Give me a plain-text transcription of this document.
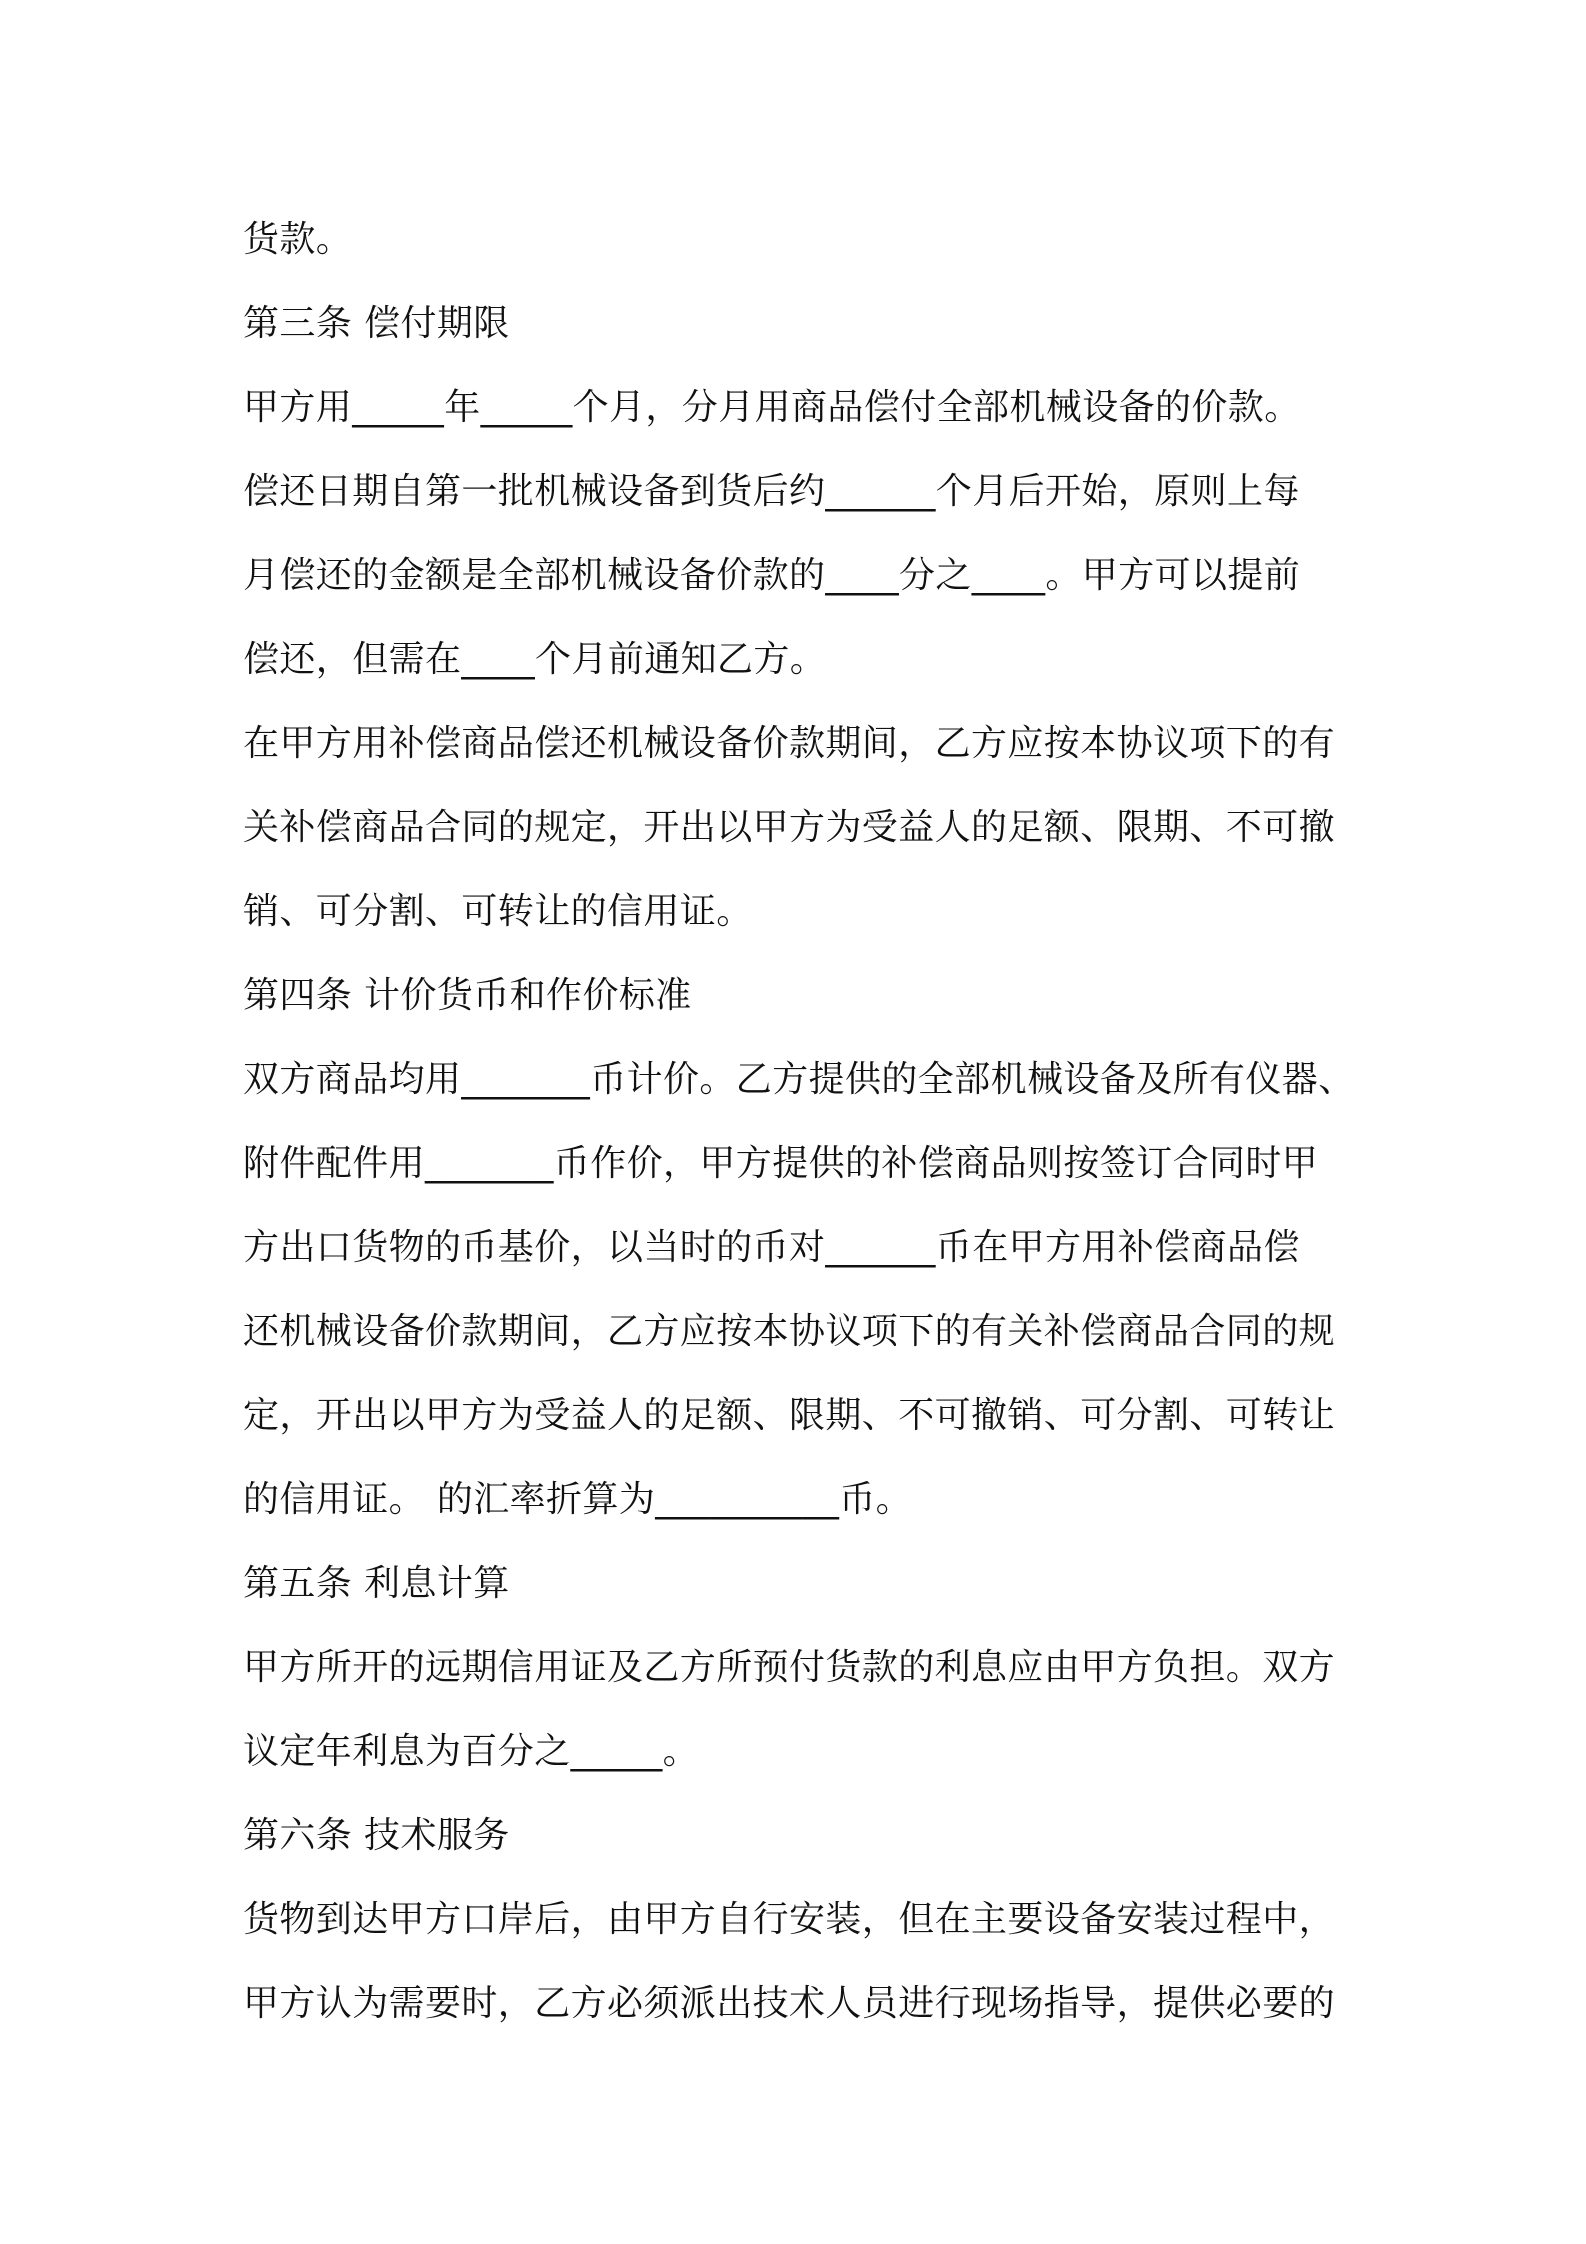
货款。
第三条 偿付期限
甲方用_____年_____个月，分月用商品偿付全部机械设备的价款。
偿还日期自第一批机械设备到货后约______个月后开始，原则上每
月偿还的金额是全部机械设备价款的____分之____。甲方可以提前
偿还，但需在____个月前通知乙方。
在甲方用补偿商品偿还机械设备价款期间，乙方应按本协议项下的有
关补偿商品合同的规定，开出以甲方为受益人的足额、限期、不可撤
销、可分割、可转让的信用证。
第四条 计价货币和作价标准
双方商品均用_______币计价。乙方提供的全部机械设备及所有仪器、
附件配件用_______币作价，甲方提供的补偿商品则按签订合同时甲
方出口货物的币基价，以当时的币对______币在甲方用补偿商品偿
还机械设备价款期间，乙方应按本协议项下的有关补偿商品合同的规
定，开出以甲方为受益人的足额、限期、不可撤销、可分割、可转让
的信用证。 的汇率折算为__________币。
第五条 利息计算
甲方所开的远期信用证及乙方所预付货款的利息应由甲方负担。双方
议定年利息为百分之_____。
第六条 技术服务
货物到达甲方口岸后，由甲方自行安装，但在主要设备安装过程中，
甲方认为需要时，乙方必须派出技术人员进行现场指导，提供必要的
